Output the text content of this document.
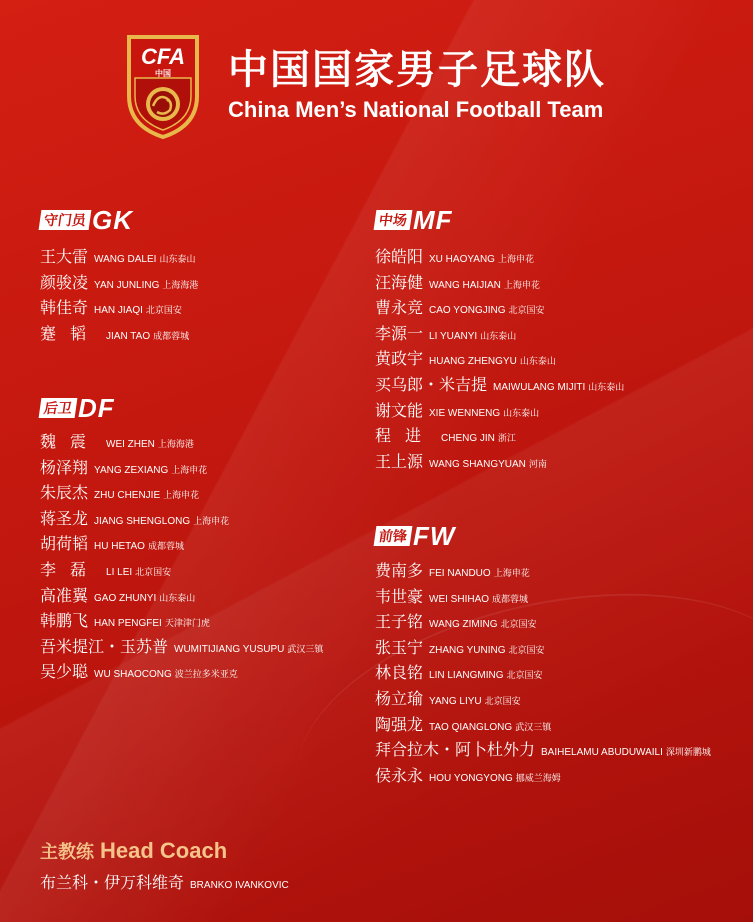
CFA
中国 中国国家男子足球队
China Men’s National Football Team
守门员 GK
王大雷 WANG DALEI 山东泰山
颜骏凌 YAN JUNLING 上海海港
韩佳奇 HAN JIAQI 北京国安
蹇韬 JIAN TAO 成都蓉城
后卫 DF
魏震 WEI ZHEN 上海海港
杨泽翔 YANG ZEXIANG 上海申花
朱辰杰 ZHU CHENJIE 上海申花
蒋圣龙 JIANG SHENGLONG 上海申花
胡荷韬 HU HETAO 成都蓉城
李磊 LI LEI 北京国安
高准翼 GAO ZHUNYI 山东泰山
韩鹏飞 HAN PENGFEI 天津津门虎
吾米提江・玉苏普 WUMITIJIANG YUSUPU 武汉三镇
吴少聪 WU SHAOCONG 波兰拉多米亚克
中场 MF
徐皓阳 XU HAOYANG 上海申花
汪海健 WANG HAIJIAN 上海申花
曹永竞 CAO YONGJING 北京国安
李源一 LI YUANYI 山东泰山
黄政宇 HUANG ZHENGYU 山东泰山
买乌郎・米吉提 MAIWULANG MIJITI 山东泰山
谢文能 XIE WENNENG 山东泰山
程进 CHENG JIN 浙江
王上源 WANG SHANGYUAN 河南
前锋 FW
费南多 FEI NANDUO 上海申花
韦世豪 WEI SHIHAO 成都蓉城
王子铭 WANG ZIMING 北京国安
张玉宁 ZHANG YUNING 北京国安
林良铭 LIN LIANGMING 北京国安
杨立瑜 YANG LIYU 北京国安
陶强龙 TAO QIANGLONG 武汉三镇
拜合拉木・阿卜杜外力 BAIHELAMU ABUDUWAILI 深圳新鹏城
侯永永 HOU YONGYONG 挪威兰海姆
主教练 Head Coach
布兰科・伊万科维奇 BRANKO IVANKOVIC
